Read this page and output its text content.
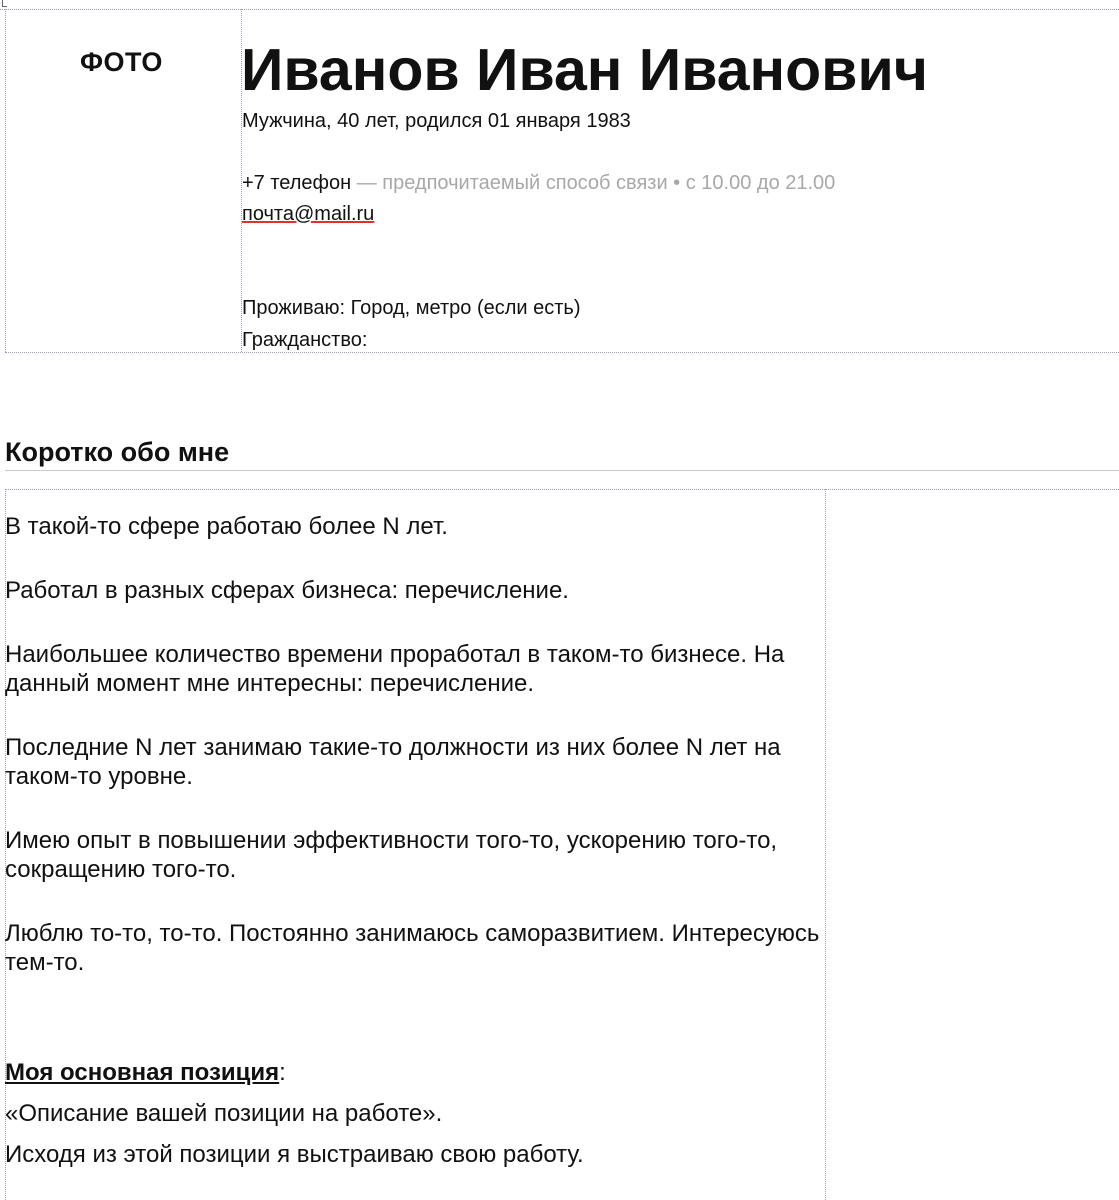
ФОТО Иванов Иван Иванович
Мужчина, 40 лет, родился 01 января 1983
+7 телефон — предпочитаемый способ связи • с 10.00 до 21.00
почта@mail.ru
Проживаю: Город, метро (если есть)
Гражданство:
Коротко обо мне

В такой-то сфере работаю более N лет.

Работал в разных сферах бизнеса: перечисление.

Наибольшее количество времени проработал в таком-то бизнесе. На данный момент мне интересны: перечисление.

Последние N лет занимаю такие-то должности из них более N лет на таком-то уровне.

Имею опыт в повышении эффективности того-то, ускорению того-то, сокращению того-то.

Люблю то-то, то-то. Постоянно занимаюсь саморазвитием. Интересуюсь тем-то.

Моя основная позиция:
«Описание вашей позиции на работе».
Исходя из этой позиции я выстраиваю свою работу.
